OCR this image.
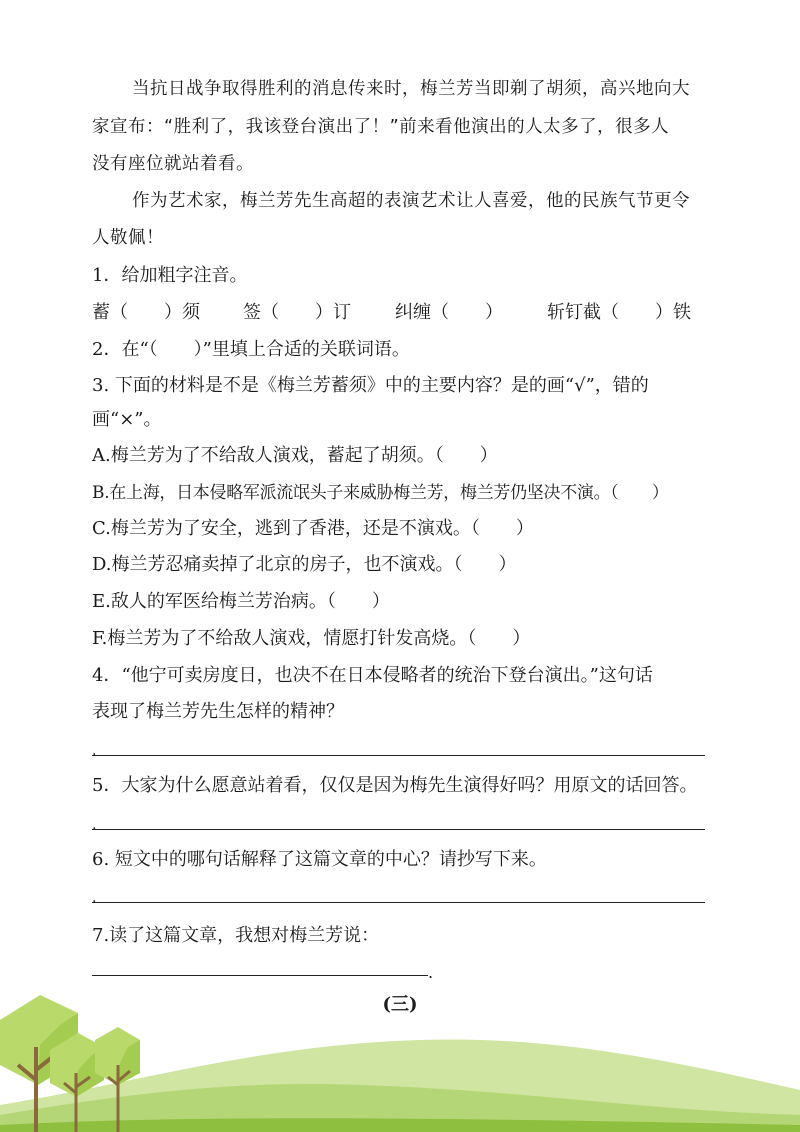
当抗日战争取得胜利的消息传来时，梅兰芳当即剃了胡须，高兴地向大
家宣布：“胜利了，我该登台演出了！”前来看他演出的人太多了，很多人
没有座位就站着看。
作为艺术家，梅兰芳先生高超的表演艺术让人喜爱，他的民族气节更令
人敬佩！
1．给加粗字注音。
蓄（　　）须 签（　　）订 纠缠（　　） 斩钉截（　　）铁
2．在“（　　）”里填上合适的关联词语。
3. 下面的材料是不是《梅兰芳蓄须》中的主要内容？是的画“√”，错的
画“×”。
A.梅兰芳为了不给敌人演戏，蓄起了胡须。（　　）
B.在上海，日本侵略军派流氓头子来威胁梅兰芳，梅兰芳仍坚决不演。（　　）
C.梅兰芳为了安全，逃到了香港，还是不演戏。（　　）
D.梅兰芳忍痛卖掉了北京的房子，也不演戏。（　　）
E.敌人的军医给梅兰芳治病。（　　）
F.梅兰芳为了不给敌人演戏，情愿打针发高烧。（　　）
4．“他宁可卖房度日，也决不在日本侵略者的统治下登台演出。”这句话
表现了梅兰芳先生怎样的精神？
.
5．大家为什么愿意站着看，仅仅是因为梅先生演得好吗？用原文的话回答。
.
6. 短文中的哪句话解释了这篇文章的中心？请抄写下来。
.
7.读了这篇文章，我想对梅兰芳说：
.
(三)
